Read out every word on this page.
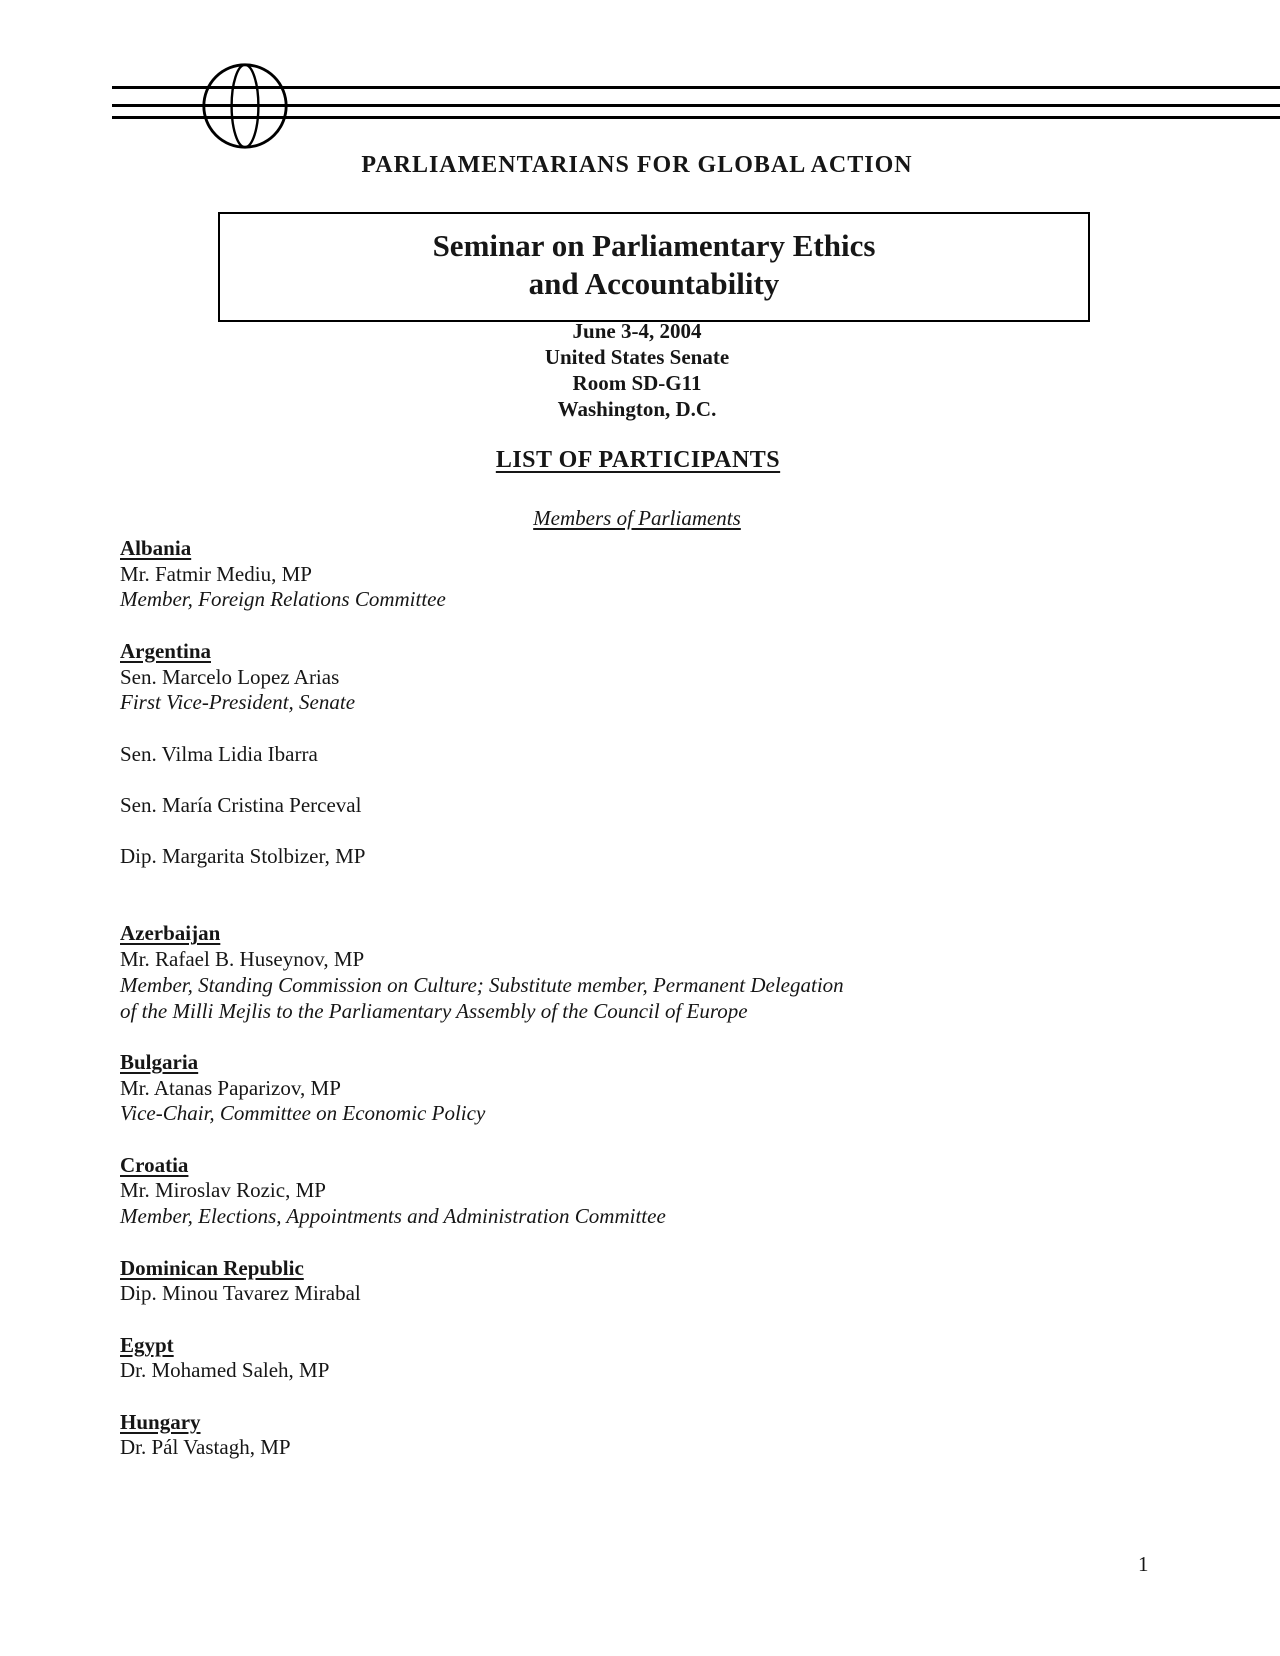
PARLIAMENTARIANS FOR GLOBAL ACTION
Seminar on Parliamentary Ethics
and Accountability
June 3-4, 2004
United States Senate
Room SD-G11
Washington, D.C.
LIST OF PARTICIPANTS
Members of Parliaments
Albania

Mr. Fatmir Mediu, MP

Member, Foreign Relations Committee

Argentina

Sen. Marcelo Lopez Arias

First Vice-President, Senate

Sen. Vilma Lidia Ibarra

Sen. María Cristina Perceval

Dip. Margarita Stolbizer, MP

Azerbaijan

Mr. Rafael B. Huseynov, MP

Member, Standing Commission on Culture; Substitute member, Permanent Delegation

of the Milli Mejlis to the Parliamentary Assembly of the Council of Europe

Bulgaria

Mr. Atanas Paparizov, MP

Vice-Chair, Committee on Economic Policy

Croatia

Mr. Miroslav Rozic, MP

Member, Elections, Appointments and Administration Committee

Dominican Republic

Dip. Minou Tavarez Mirabal

Egypt

Dr. Mohamed Saleh, MP

Hungary

Dr. Pál Vastagh, MP

1
